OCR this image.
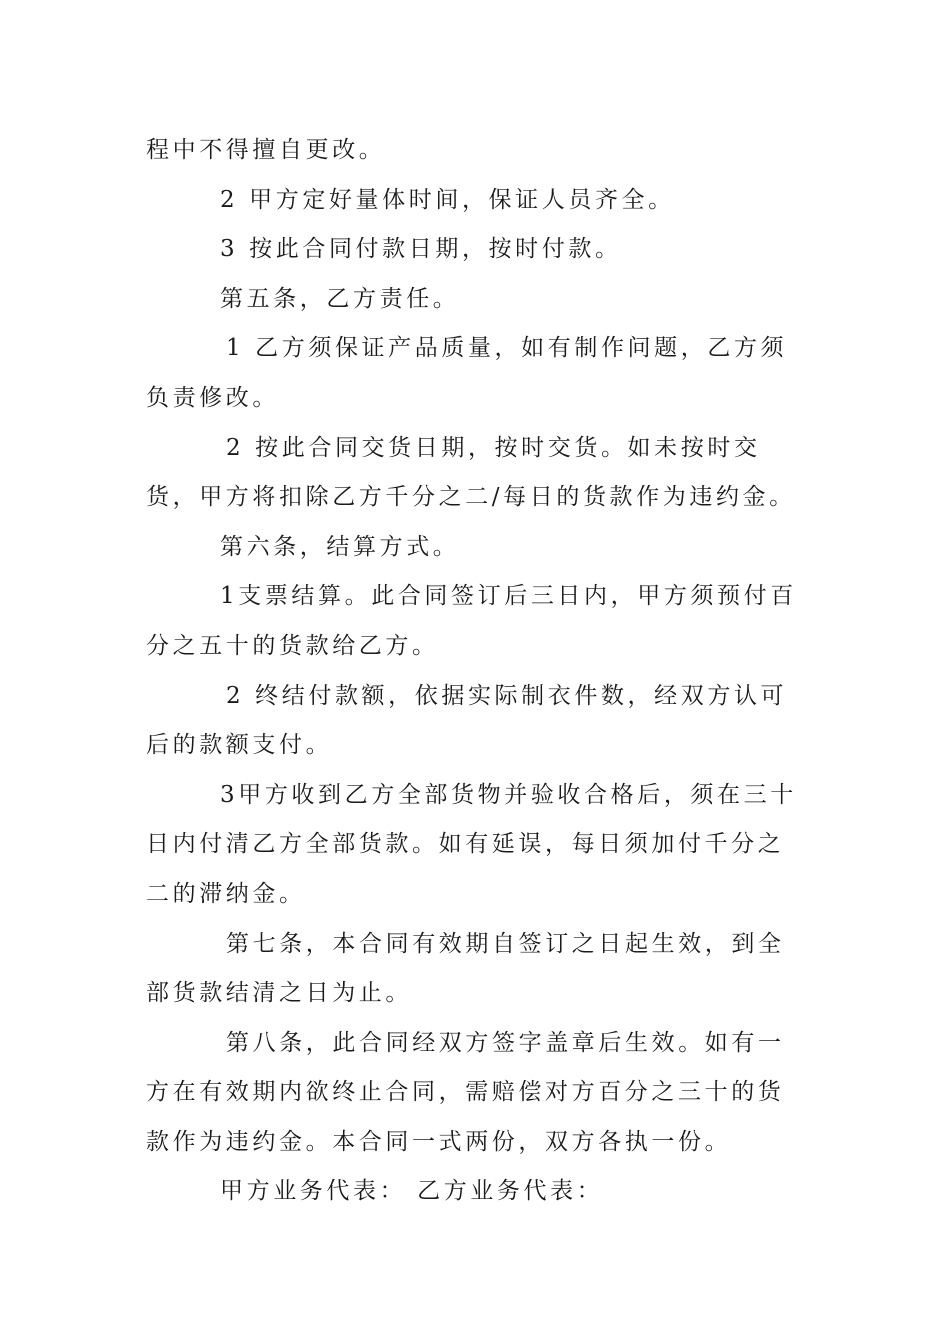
程中不得擅自更改。

2 甲方定好量体时间，保证人员齐全。

3 按此合同付款日期，按时付款。

第五条，乙方责任。

1 乙方须保证产品质量，如有制作问题，乙方须负责修改。

2 按此合同交货日期，按时交货。如未按时交货，甲方将扣除乙方千分之二/每日的货款作为违约金。

第六条，结算方式。

1支票结算。此合同签订后三日内，甲方须预付百分之五十的货款给乙方。

2 终结付款额，依据实际制衣件数，经双方认可后的款额支付。

3甲方收到乙方全部货物并验收合格后，须在三十日内付清乙方全部货款。如有延误，每日须加付千分之二的滞纳金。

第七条，本合同有效期自签订之日起生效，到全部货款结清之日为止。

第八条，此合同经双方签字盖章后生效。如有一方在有效期内欲终止合同，需赔偿对方百分之三十的货款作为违约金。本合同一式两份，双方各执一份。

甲方业务代表： 乙方业务代表：
